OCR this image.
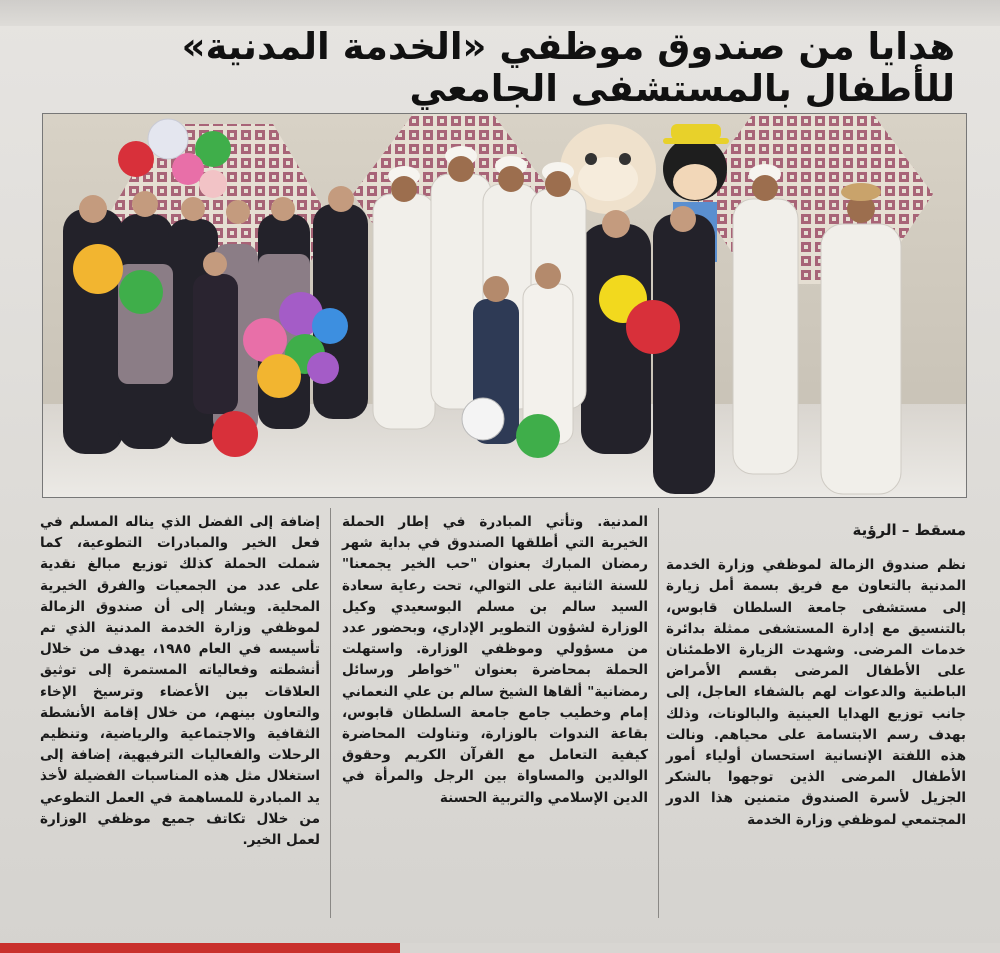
هدايا من صندوق موظفي «الخدمة المدنية» للأطفال بالمستشفى الجامعي
مسقط – الرؤية

نظم صندوق الزمالة لموظفي وزارة الخدمة المدنية بالتعاون مع فريق بسمة أمل زيارة إلى مستشفى جامعة السلطان قابوس، بالتنسيق مع إدارة المستشفى ممثلة بدائرة خدمات المرضى. وشهدت الزيارة الاطمئنان على الأطفال المرضى بقسم الأمراض الباطنية والدعوات لهم بالشفاء العاجل، إلى جانب توزيع الهدايا العينية والبالونات، وذلك بهدف رسم الابتسامة على محياهم. ونالت هذه اللفتة الإنسانية استحسان أولياء أمور الأطفال المرضى الذين توجهوا بالشكر الجزيل لأسرة الصندوق متمنين هذا الدور المجتمعي لموظفي وزارة الخدمة

المدنية. وتأتي المبادرة في إطار الحملة الخيرية التي أطلقها الصندوق في بداية شهر رمضان المبارك بعنوان "حب الخير يجمعنا" للسنة الثانية على التوالي، تحت رعاية سعادة السيد سالم بن مسلم البوسعيدي وكيل الوزارة لشؤون التطوير الإداري، وبحضور عدد من مسؤولي وموظفي الوزارة. واستهلت الحملة بمحاضرة بعنوان "خواطر ورسائل رمضانية" ألقاها الشيخ سالم بن علي النعماني إمام وخطيب جامع جامعة السلطان قابوس، بقاعة الندوات بالوزارة، وتناولت المحاضرة كيفية التعامل مع القرآن الكريم وحقوق الوالدين والمساواة بين الرجل والمرأة في الدين الإسلامي والتربية الحسنة

إضافة إلى الفضل الذي يناله المسلم في فعل الخير والمبادرات التطوعية، كما شملت الحملة كذلك توزيع مبالغ نقدية على عدد من الجمعيات والفرق الخيرية المحلية. ويشار إلى أن صندوق الزمالة لموظفي وزارة الخدمة المدنية الذي تم تأسيسه في العام ١٩٨٥، يهدف من خلال أنشطته وفعالياته المستمرة إلى توثيق العلاقات بين الأعضاء وترسيخ الإخاء والتعاون بينهم، من خلال إقامة الأنشطة الثقافية والاجتماعية والرياضية، وتنظيم الرحلات والفعاليات الترفيهية، إضافة إلى استغلال مثل هذه المناسبات الفضيلة لأخذ يد المبادرة للمساهمة في العمل التطوعي من خلال تكاتف جميع موظفي الوزارة لعمل الخير.
